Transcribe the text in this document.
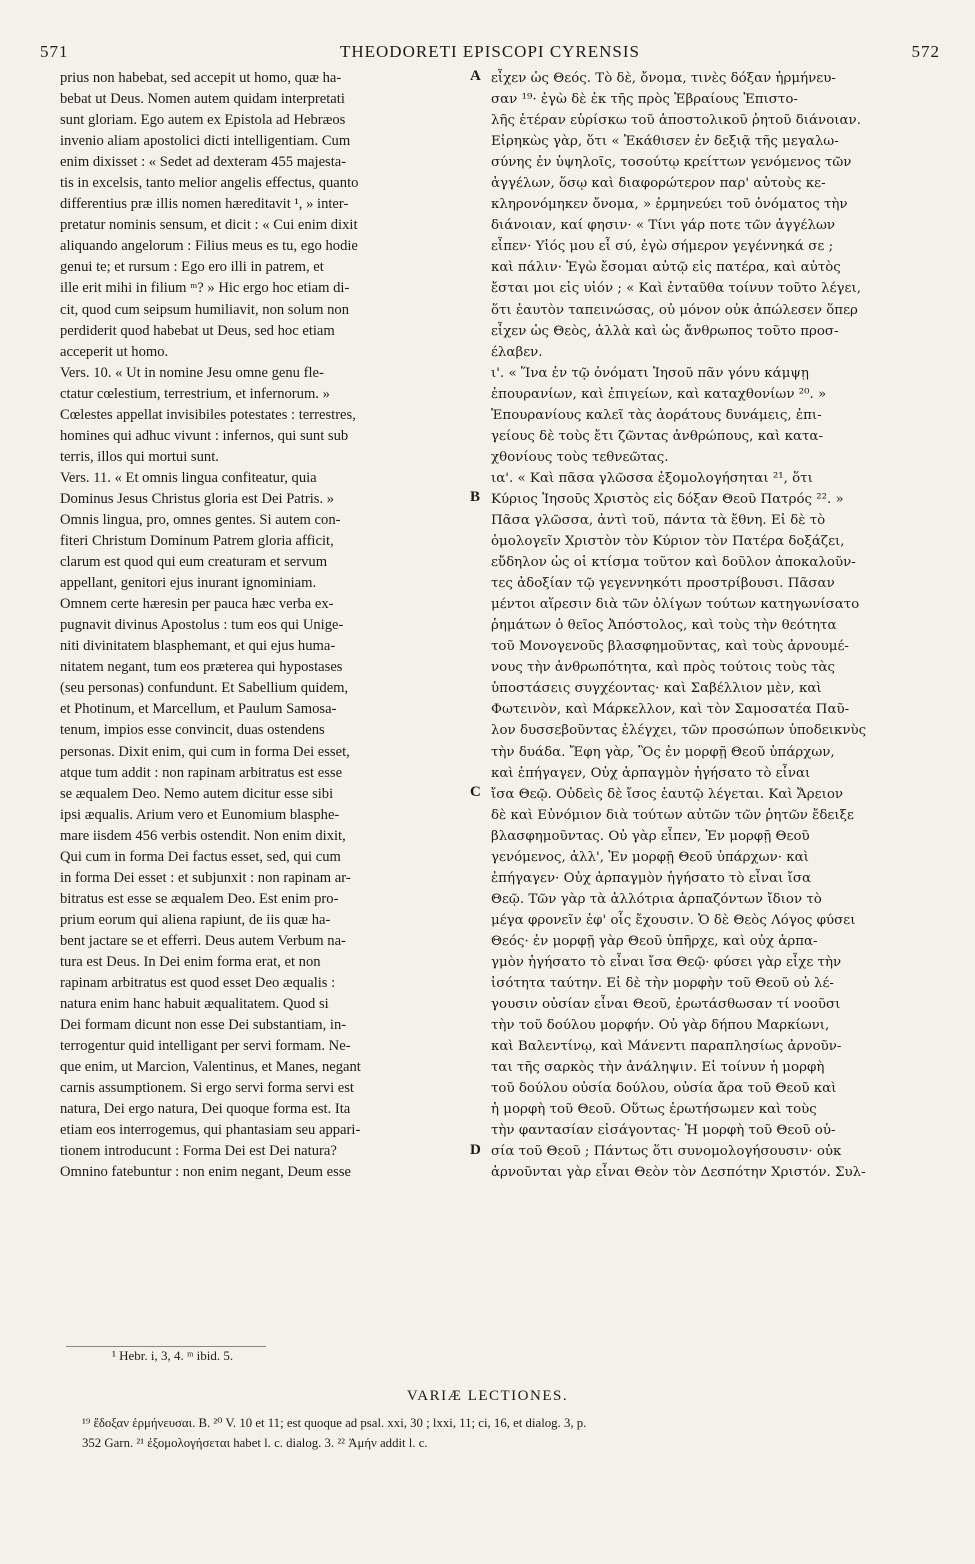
571	THEODORETI EPISCOPI CYRENSIS	572
prius non habebat, sed accepit ut homo, quæ ha-
bebat ut Deus. Nomen autem quidam interpretati
sunt gloriam. Ego autem ex Epistola ad Hebræos
invenio aliam apostolici dicti intelligentiam. Cum
enim dixisset : « Sedet ad dexteram 455 majesta-
tis in excelsis, tanto melior angelis effectus, quanto
differentius præ illis nomen hæreditavit ¹, » inter-
pretatur nominis sensum, et dicit : « Cui enim dixit
aliquando angelorum : Filius meus es tu, ego hodie
genui te; et rursum : Ego ero illi in patrem, et
ille erit mihi in filium ᵐ? » Hic ergo hoc etiam di-
cit, quod cum seipsum humiliavit, non solum non
perdiderit quod habebat ut Deus, sed hoc etiam
acceperit ut homo.
Vers. 10. « Ut in nomine Jesu omne genu fle-
ctatur cœlestium, terrestrium, et infernorum. »
Cœlestes appellat invisibiles potestates : terrestres,
homines qui adhuc vivunt : infernos, qui sunt sub
terris, illos qui mortui sunt.
Vers. 11. « Et omnis lingua confiteatur, quia
Dominus Jesus Christus gloria est Dei Patris. »
Omnis lingua, pro, omnes gentes. Si autem con-
fiteri Christum Dominum Patrem gloria afficit,
clarum est quod qui eum creaturam et servum
appellant, genitori ejus inurant ignominiam.
Omnem certe hæresin per pauca hæc verba ex-
pugnavit divinus Apostolus : tum eos qui Unige-
niti divinitatem blasphemant, et qui ejus huma-
nitatem negant, tum eos præterea qui hypostases
(seu personas) confundunt. Et Sabellium quidem,
et Photinum, et Marcellum, et Paulum Samosa-
tenum, impios esse convincit, duas ostendens
personas. Dixit enim, qui cum in forma Dei esset,
atque tum addit : non rapinam arbitratus est esse
se æqualem Deo. Nemo autem dicitur esse sibi
ipsi æqualis. Arium vero et Eunomium blasphe-
mare iisdem 456 verbis ostendit. Non enim dixit,
Qui cum in forma Dei factus esset, sed, qui cum
in forma Dei esset : et subjunxit : non rapinam ar-
bitratus est esse se æqualem Deo. Est enim pro-
prium eorum qui aliena rapiunt, de iis quæ ha-
bent jactare se et efferri. Deus autem Verbum na-
tura est Deus. In Dei enim forma erat, et non
rapinam arbitratus est quod esset Deo æqualis :
natura enim hanc habuit æqualitatem. Quod si
Dei formam dicunt non esse Dei substantiam, in-
terrogentur quid intelligant per servi formam. Ne-
que enim, ut Marcion, Valentinus, et Manes, negant
carnis assumptionem. Si ergo servi forma servi est
natura, Dei ergo natura, Dei quoque forma est. Ita
etiam eos interrogemus, qui phantasiam seu appari-
tionem introducunt : Forma Dei est Dei natura?
Omnino fatebuntur : non enim negant, Deum esse
εἶχεν ὡς Θεός. Τὸ δὲ, ὄνομα, τινὲς δόξαν ἡρμήνευ-
σαν ¹⁹· ἐγὼ δὲ ἐκ τῆς πρὸς Ἑβραίους Ἐπιστο-
λῆς ἑτέραν εὑρίσκω τοῦ ἀποστολικοῦ ῥητοῦ διάνοιαν.
Εἰρηκὼς γὰρ, ὅτι « Ἐκάθισεν ἐν δεξιᾷ τῆς μεγαλω-
σύνης ἐν ὑψηλοῖς, τοσούτῳ κρείττων γενόμενος τῶν
ἀγγέλων, ὅσῳ καὶ διαφορώτερον παρ' αὐτοὺς κε-
κληρονόμηκεν ὄνομα, » ἑρμηνεύει τοῦ ὀνόματος τὴν
διάνοιαν, καί φησιν· « Τίνι γάρ ποτε τῶν ἀγγέλων
εἶπεν· Υἱός μου εἶ σύ, ἐγὼ σήμερον γεγέννηκά σε ;
καὶ πάλιν· Ἐγὼ ἔσομαι αὐτῷ εἰς πατέρα, καὶ αὐτὸς
ἔσται μοι εἰς υἱόν ; « Καὶ ἐνταῦθα τοίνυν τοῦτο λέγει,
ὅτι ἑαυτὸν ταπεινώσας, οὐ μόνον οὐκ ἀπώλεσεν ὅπερ
εἶχεν ὡς Θεὸς, ἀλλὰ καὶ ὡς ἄνθρωπος τοῦτο προσ-
έλαβεν.
ι'. « Ἵνα ἐν τῷ ὀνόματι Ἰησοῦ πᾶν γόνυ κάμψῃ
ἐπουρανίων, καὶ ἐπιγείων, καὶ καταχθονίων ²⁰. »
Ἐπουρανίους καλεῖ τὰς ἀοράτους δυνάμεις, ἐπι-
γείους δὲ τοὺς ἔτι ζῶντας ἀνθρώπους, καὶ κατα-
χθονίους τοὺς τεθνεῶτας.
ια'. « Καὶ πᾶσα γλῶσσα ἐξομολογήσηται ²¹, ὅτι
Κύριος Ἰησοῦς Χριστὸς εἰς δόξαν Θεοῦ Πατρός ²². »
Πᾶσα γλῶσσα, ἀντὶ τοῦ, πάντα τὰ ἔθνη. Εἰ δὲ τὸ
ὁμολογεῖν Χριστὸν τὸν Κύριον τὸν Πατέρα δοξάζει,
εὔδηλον ὡς οἱ κτίσμα τοῦτον καὶ δοῦλον ἀποκαλοῦν-
τες ἀδοξίαν τῷ γεγεννηκότι προστρίβουσι. Πᾶσαν
μέντοι αἵρεσιν διὰ τῶν ὀλίγων τούτων κατηγωνίσατο
ῥημάτων ὁ θεῖος Ἀπόστολος, καὶ τοὺς τὴν θεότητα
τοῦ Μονογενοῦς βλασφημοῦντας, καὶ τοὺς ἀρνουμέ-
νους τὴν ἀνθρωπότητα, καὶ πρὸς τούτοις τοὺς τὰς
ὑποστάσεις συγχέοντας· καὶ Σαβέλλιον μὲν, καὶ
Φωτεινὸν, καὶ Μάρκελλον, καὶ τὸν Σαμοσατέα Παῦ-
λον δυσσεβοῦντας ἐλέγχει, τῶν προσώπων ὑποδεικνὺς
τὴν δυάδα. Ἔφη γὰρ, Ὃς ἐν μορφῇ Θεοῦ ὑπάρχων,
καὶ ἐπήγαγεν, Οὐχ ἁρπαγμὸν ἡγήσατο τὸ εἶναι
ἴσα Θεῷ. Οὐδεὶς δὲ ἴσος ἑαυτῷ λέγεται. Καὶ Ἄρειον
δὲ καὶ Εὐνόμιον διὰ τούτων αὐτῶν τῶν ῥητῶν ἔδειξε
βλασφημοῦντας. Οὐ γὰρ εἶπεν, Ἐν μορφῇ Θεοῦ
γενόμενος, ἀλλ', Ἐν μορφῇ Θεοῦ ὑπάρχων· καὶ
ἐπήγαγεν· Οὐχ ἁρπαγμὸν ἡγήσατο τὸ εἶναι ἴσα
Θεῷ. Τῶν γὰρ τὰ ἀλλότρια ἁρπαζόντων ἴδιον τὸ
μέγα φρονεῖν ἐφ' οἷς ἔχουσιν. Ὁ δὲ Θεὸς Λόγος φύσει
Θεός· ἐν μορφῇ γὰρ Θεοῦ ὑπῆρχε, καὶ οὐχ ἁρπα-
γμὸν ἡγήσατο τὸ εἶναι ἴσα Θεῷ· φύσει γὰρ εἶχε τὴν
ἰσότητα ταύτην. Εἰ δὲ τὴν μορφὴν τοῦ Θεοῦ οὐ λέ-
γουσιν οὐσίαν εἶναι Θεοῦ, ἐρωτάσθωσαν τί νοοῦσι
τὴν τοῦ δούλου μορφήν. Οὐ γὰρ δήπου Μαρκίωνι,
καὶ Βαλεντίνῳ, καὶ Μάνεντι παραπλησίως ἀρνοῦν-
ται τῆς σαρκὸς τὴν ἀνάληψιν. Εἰ τοίνυν ἡ μορφὴ
τοῦ δούλου οὐσία δούλου, οὐσία ἄρα τοῦ Θεοῦ καὶ
ἡ μορφὴ τοῦ Θεοῦ. Οὕτως ἐρωτήσωμεν καὶ τοὺς
τὴν φαντασίαν εἰσάγοντας· Ἡ μορφὴ τοῦ Θεοῦ οὐ-
σία τοῦ Θεοῦ ; Πάντως ὅτι συνομολογήσουσιν· οὐκ
ἀρνοῦνται γὰρ εἶναι Θεὸν τὸν Δεσπότην Χριστόν. Συλ-
A
B
C
D
¹ Hebr. i, 3, 4. ᵐ ibid. 5.
VARIÆ LECTIONES.
¹⁹ ἔδοξαν ἑρμήνευσαι. B. ²⁰ V. 10 et 11; est quoque ad psal. xxi, 30 ; lxxi, 11; ci, 16, et dialog. 3, p.
352 Garn. ²¹ ἐξομολογήσεται habet l. c. dialog. 3. ²² Ἀμήν addit l. c.
